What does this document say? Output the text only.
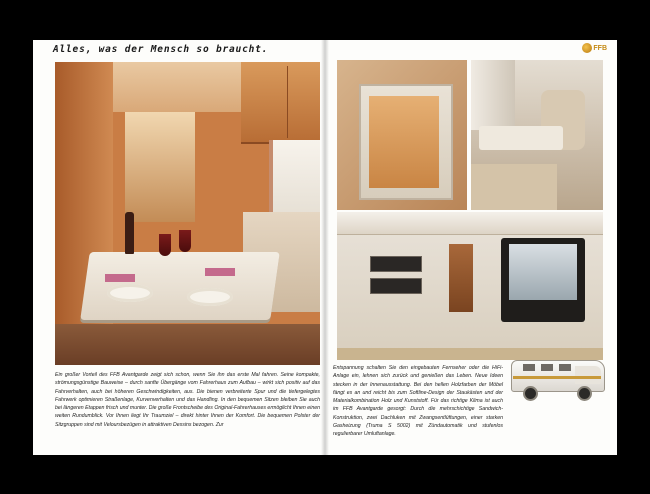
Alles, was der Mensch so braucht.
Ein großer Vorteil des FFB Avantgarde zeigt sich schon, wenn Sie ihn das erste Mal fahren. Seine kompakte, strömungsgünstige Bauweise – durch sanfte Übergänge vom Fahrerhaus zum Aufbau – wirkt sich positiv auf das Fahrverhalten, auch bei höheren Geschwindigkeiten, aus. Die bienen verbreiterte Spur und die tiefergelegtes Fahrwerk optimieren Straßenlage, Kurvenverhalten und das Handling. In den bequemen Sitzen bleiben Sie auch bei längeren Etappen frisch und munter. Die große Frontscheibe des Original-Fahrerhauses ermöglicht Ihnen einen weiten Rundumblick. Vor Ihnen liegt Ihr Traumziel – direkt hinter Ihnen der Komfort. Die bequemen Polster der Sitzgruppen sind mit Veloursbezügen in attraktiven Dessins bezogen. Zur
FFB
Entspannung schalten Sie den eingebauten Fernseher oder die HiFi-Anlage ein, lehnen sich zurück und genießen das Leben. Neue Ideen stecken in der Innenausstattung. Bei den hellen Holzfarben der Möbel fängt es an und reicht bis zum Softline-Design der Staukästen und der Materialkombination Holz und Kunststoff. Für das richtige Klima ist auch im FFB Avantgarde gesorgt: Durch die mehrschichtige Sandwich-Konstruktion, zwei Dachluken mit Zwangsentlüftungen, einer starken Gasheizung (Truma S 5002) mit Zündautomatik und stufenlos regulierbarer Umluftanlage.
